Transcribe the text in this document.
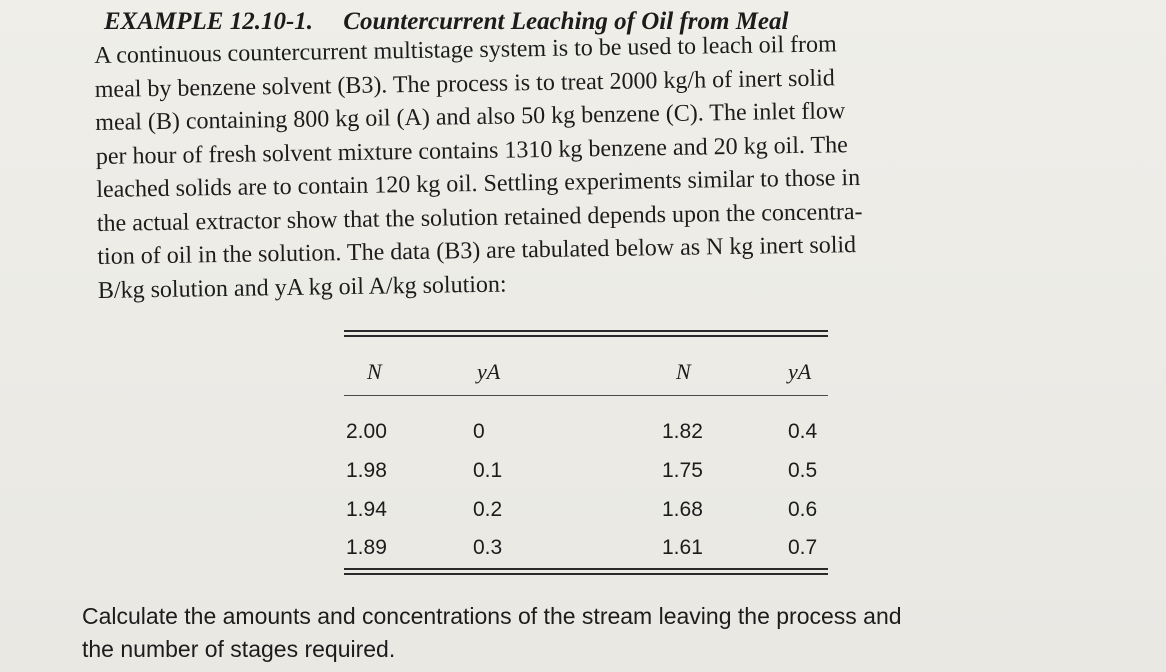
EXAMPLE 12.10-1. Countercurrent Leaching of Oil from Meal
A continuous countercurrent multistage system is to be used to leach oil from
meal by benzene solvent (B3). The process is to treat 2000 kg/h of inert solid
meal (B) containing 800 kg oil (A) and also 50 kg benzene (C). The inlet flow
per hour of fresh solvent mixture contains 1310 kg benzene and 20 kg oil. The
leached solids are to contain 120 kg oil. Settling experiments similar to those in
the actual extractor show that the solution retained depends upon the concentra-
tion of oil in the solution. The data (B3) are tabulated below as N kg inert solid
B/kg solution and yA kg oil A/kg solution:
N	yA	N	yA
2.00	0	1.82	0.4
1.98	0.1	1.75	0.5
1.94	0.2	1.68	0.6
1.89	0.3	1.61	0.7
Calculate the amounts and concentrations of the stream leaving the process and
the number of stages required.
